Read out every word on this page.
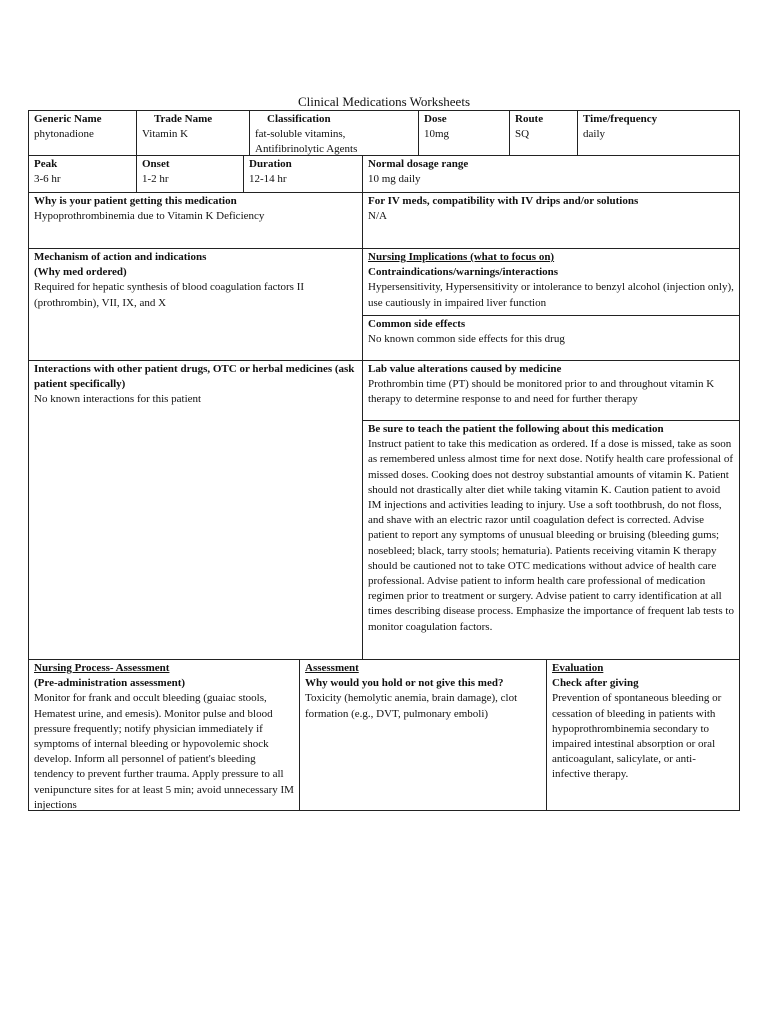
Clinical Medications Worksheets
Generic Name
phytonadione
Trade Name
Vitamin K
Classification
fat-soluble vitamins, Antifibrinolytic Agents
Dose
10mg
Route
SQ
Time/frequency
daily
Peak
3-6 hr
Onset
1-2 hr
Duration
12-14 hr
Normal dosage range
10 mg daily
Why is your patient getting this medication
Hypoprothrombinemia due to Vitamin K Deficiency
For IV meds, compatibility with IV drips and/or solutions
N/A
Mechanism of action and indications
(Why med ordered)
Required for hepatic synthesis of blood coagulation factors II (prothrombin), VII, IX, and X
Nursing Implications (what to focus on)
Contraindications/warnings/interactions
Hypersensitivity, Hypersensitivity or intolerance to benzyl alcohol (injection only), use cautiously in impaired liver function
Common side effects
No known common side effects for this drug
Interactions with other patient drugs, OTC or herbal medicines (ask patient specifically)
No known interactions for this patient
Lab value alterations caused by medicine
Prothrombin time (PT) should be monitored prior to and throughout vitamin K therapy to determine response to and need for further therapy
Be sure to teach the patient the following about this medication
Instruct patient to take this medication as ordered. If a dose is missed, take as soon as remembered unless almost time for next dose. Notify health care professional of missed doses. Cooking does not destroy substantial amounts of vitamin K. Patient should not drastically alter diet while taking vitamin K. Caution patient to avoid IM injections and activities leading to injury. Use a soft toothbrush, do not floss, and shave with an electric razor until coagulation defect is corrected. Advise patient to report any symptoms of unusual bleeding or bruising (bleeding gums; nosebleed; black, tarry stools; hematuria). Patients receiving vitamin K therapy should be cautioned not to take OTC medications without advice of health care professional. Advise patient to inform health care professional of medication regimen prior to treatment or surgery. Advise patient to carry identification at all times describing disease process. Emphasize the importance of frequent lab tests to monitor coagulation factors.
Nursing Process- Assessment
(Pre-administration assessment)
Monitor for frank and occult bleeding (guaiac stools, Hematest urine, and emesis). Monitor pulse and blood pressure frequently; notify physician immediately if symptoms of internal bleeding or hypovolemic shock develop. Inform all personnel of patient's bleeding tendency to prevent further trauma. Apply pressure to all venipuncture sites for at least 5 min; avoid unnecessary IM injections
Assessment
Why would you hold or not give this med?
Toxicity (hemolytic anemia, brain damage), clot formation (e.g., DVT, pulmonary emboli)
Evaluation
Check after giving
Prevention of spontaneous bleeding or cessation of bleeding in patients with hypoprothrombinemia secondary to impaired intestinal absorption or oral anticoagulant, salicylate, or anti-infective therapy.
